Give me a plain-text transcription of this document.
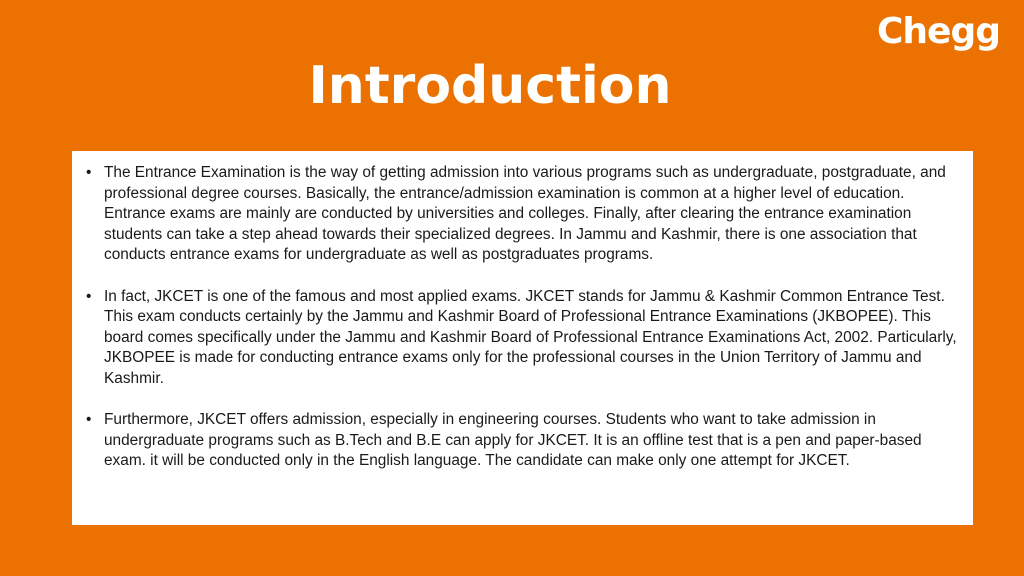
Chegg
Introduction
• The Entrance Examination is the way of getting admission into various programs such as undergraduate, postgraduate, and professional degree courses. Basically, the entrance/admission examination is common at a higher level of education. Entrance exams are mainly are conducted by universities and colleges. Finally, after clearing the entrance examination students can take a step ahead towards their specialized degrees. In Jammu and Kashmir, there is one association that conducts entrance exams for undergraduate as well as postgraduates programs.
• In fact, JKCET is one of the famous and most applied exams. JKCET stands for Jammu & Kashmir Common Entrance Test. This exam conducts certainly by the Jammu and Kashmir Board of Professional Entrance Examinations (JKBOPEE). This board comes specifically under the Jammu and Kashmir Board of Professional Entrance Examinations Act, 2002. Particularly, JKBOPEE is made for conducting entrance exams only for the professional courses in the Union Territory of Jammu and Kashmir.
• Furthermore, JKCET offers admission, especially in engineering courses. Students who want to take admission in undergraduate programs such as B.Tech and B.E can apply for JKCET. It is an offline test that is a pen and paper-based exam. it will be conducted only in the English language. The candidate can make only one attempt for JKCET.
